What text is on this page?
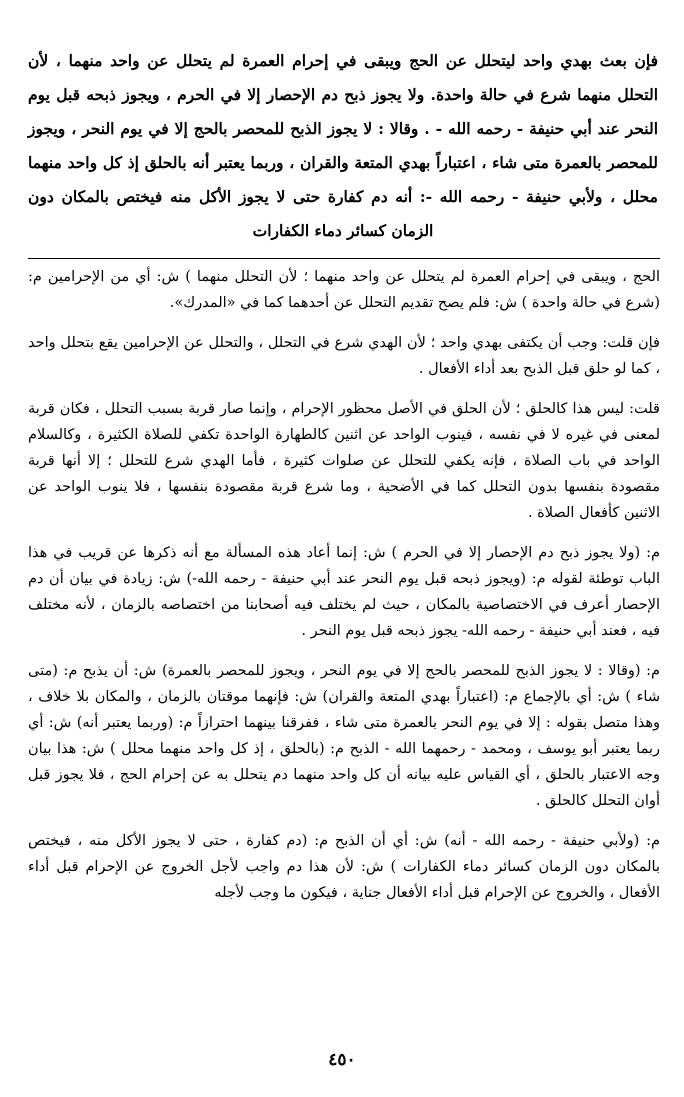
فإن بعث بهدي واحد ليتحلل عن الحج ويبقى في إحرام العمرة لم يتحلل عن واحد منهما ، لأن التحلل منهما شرع في حالة واحدة. ولا يجوز ذبح دم الإحصار إلا في الحرم ، ويجوز ذبحه قبل يوم النحر عند أبي حنيفة - رحمه الله - . وقالا : لا يجوز الذبح للمحصر بالحج إلا في يوم النحر ، ويجوز للمحصر بالعمرة متى شاء ، اعتباراً بهدي المتعة والقران ، وربما يعتبر أنه بالحلق إذ كل واحد منهما محلل ، ولأبي حنيفة - رحمه الله -: أنه دم كفارة حتى لا يجوز الأكل منه فيختص بالمكان دون الزمان كسائر دماء الكفارات

الحج ، ويبقى في إحرام العمرة لم يتحلل عن واحد منهما ؛ لأن التحلل منهما ) ش: أي من الإحرامين م: (شرع في حالة واحدة ) ش: فلم يصح تقديم التحلل عن أحدهما كما في «المدرك».

فإن قلت: وجب أن يكتفى بهدي واحد ؛ لأن الهدي شرع في التحلل ، والتحلل عن الإحرامين يقع بتحلل واحد ، كما لو حلق قبل الذبح بعد أداء الأفعال .

قلت: ليس هذا كالحلق ؛ لأن الحلق في الأصل محظور الإحرام ، وإنما صار قربة بسبب التحلل ، فكان قربة لمعنى في غيره لا في نفسه ، فينوب الواحد عن اثنين كالطهارة الواحدة تكفي للصلاة الكثيرة ، وكالسلام الواحد في باب الصلاة ، فإنه يكفي للتحلل عن صلوات كثيرة ، فأما الهدي شرع للتحلل ؛ إلا أنها قربة مقصودة بنفسها بدون التحلل كما في الأضحية ، وما شرع قربة مقصودة بنفسها ، فلا ينوب الواحد عن الاثنين كأفعال الصلاة .

م: (ولا يجوز ذبح دم الإحصار إلا في الحرم ) ش: إنما أعاد هذه المسألة مع أنه ذكرها عن قريب في هذا الباب توطئة لقوله م: (ويجوز ذبحه قبل يوم النحر عند أبي حنيفة - رحمه الله-) ش: زيادة في بيان أن دم الإحصار أعرف في الاختصاصية بالمكان ، حيث لم يختلف فيه أصحابنا من اختصاصه بالزمان ، لأنه مختلف فيه ، فعند أبي حنيفة - رحمه الله- يجوز ذبحه قبل يوم النحر .

م: (وقالا : لا يجوز الذبح للمحصر بالحج إلا في يوم النحر ، ويجوز للمحصر بالعمرة) ش: أن يذبح م: (متى شاء ) ش: أي بالإجماع م: (اعتباراً بهدي المتعة والقران) ش: فإنهما موقتان بالزمان ، والمكان بلا خلاف ، وهذا متصل بقوله : إلا في يوم النحر بالعمرة متى شاء ، ففرقنا بينهما احترازاً م: (وربما يعتبر أنه) ش: أي ربما يعتبر أبو يوسف ، ومحمد - رحمهما الله - الذبح م: (بالحلق ، إذ كل واحد منهما محلل ) ش: هذا بيان وجه الاعتبار بالحلق ، أي القياس عليه بيانه أن كل واحد منهما دم يتحلل به عن إحرام الحج ، فلا يجوز قبل أوان التحلل كالحلق .

م: (ولأبي حنيفة - رحمه الله - أنه) ش: أي أن الذبح م: (دم كفارة ، حتى لا يجوز الأكل منه ، فيختص بالمكان دون الزمان كسائر دماء الكفارات ) ش: لأن هذا دم واجب لأجل الخروج عن الإحرام قبل أداء الأفعال ، والخروج عن الإحرام قبل أداء الأفعال جناية ، فيكون ما وجب لأجله

٤٥٠
